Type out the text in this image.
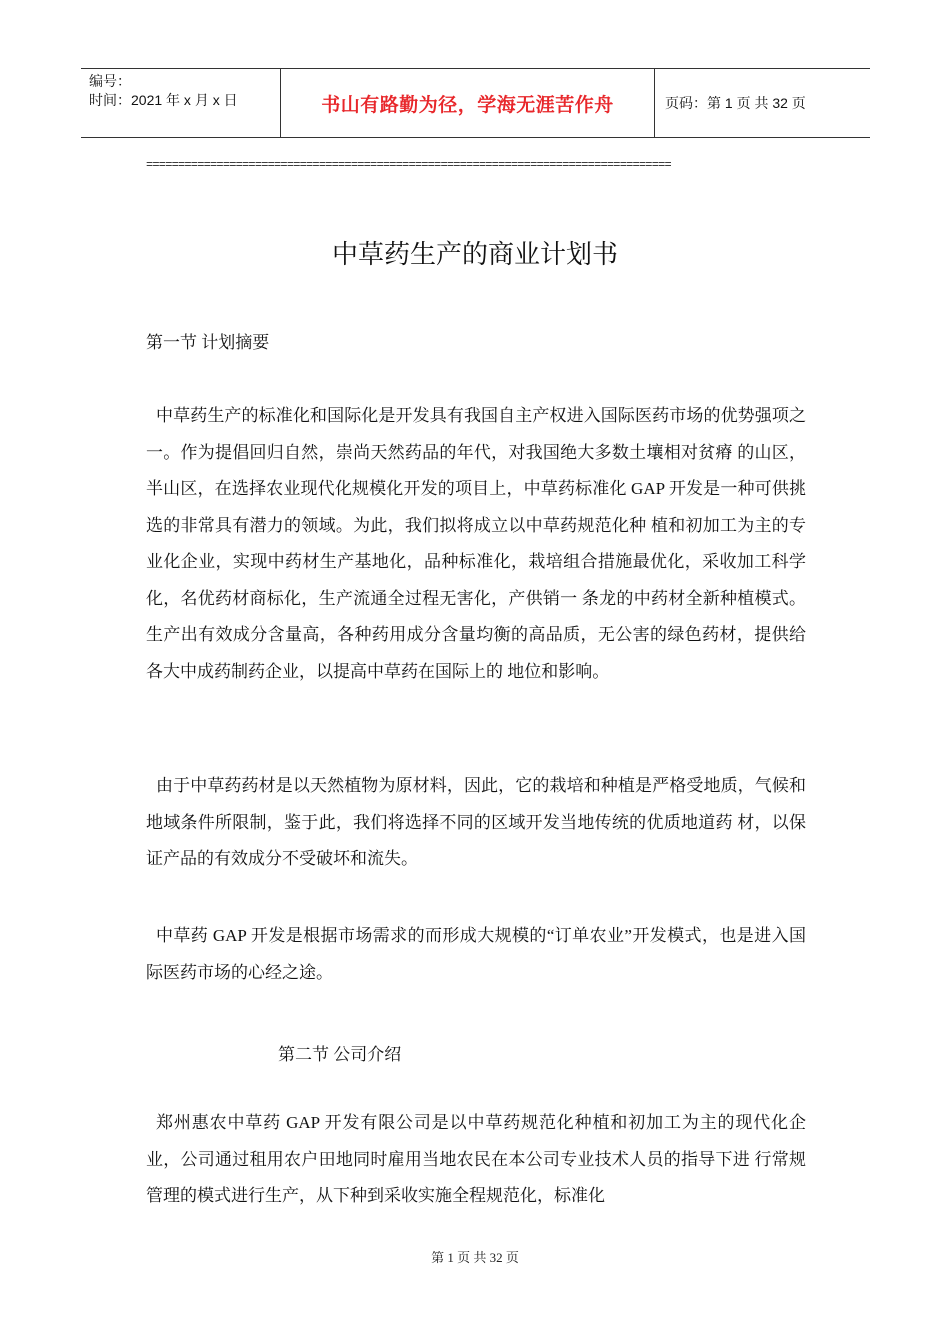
编号：
时间：2021 年 x 月 x 日	书山有路勤为径，学海无涯苦作舟	页码：第 1 页 共 32 页
==================================================================================
中草药生产的商业计划书
第一节 计划摘要

中草药生产的标准化和国际化是开发具有我国自主产权进入国际医药市场的优势强项之一。作为提倡回归自然，崇尚天然药品的年代，对我国绝大多数土壤相对贫瘠 的山区，半山区，在选择农业现代化规模化开发的项目上，中草药标准化 GAP 开发是一种可供挑选的非常具有潜力的领域。为此，我们拟将成立以中草药规范化种 植和初加工为主的专业化企业，实现中药材生产基地化，品种标准化，栽培组合措施最优化，采收加工科学化，名优药材商标化，生产流通全过程无害化，产供销一 条龙的中药材全新种植模式。生产出有效成分含量高，各种药用成分含量均衡的高品质，无公害的绿色药材，提供给各大中成药制药企业，以提高中草药在国际上的 地位和影响。

由于中草药药材是以天然植物为原材料，因此，它的栽培和种植是严格受地质，气候和地域条件所限制，鉴于此，我们将选择不同的区域开发当地传统的优质地道药 材，以保证产品的有效成分不受破坏和流失。

中草药 GAP 开发是根据市场需求的而形成大规模的“订单农业”开发模式，也是进入国际医药市场的心经之途。

第二节 公司介绍

郑州惠农中草药 GAP 开发有限公司是以中草药规范化种植和初加工为主的现代化企业，公司通过租用农户田地同时雇用当地农民在本公司专业技术人员的指导下进 行常规管理的模式进行生产，从下种到采收实施全程规范化，标准化

第 1 页 共 32 页
